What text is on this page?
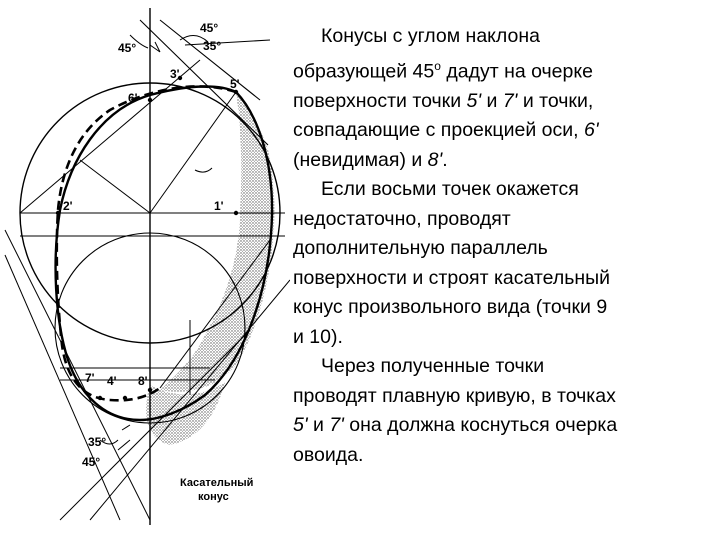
45°
35°
45°
3'
5'
6'
2'	1'
7' 4' 8'
35°
45°
Касательный
конус
Конусы с углом наклона
образующей $45^о$ дадут на очерке
поверхности точки 5' и 7' и точки,
совпадающие с проекцией оси, 6'
(невидимая) и 8'.
Если восьми точек окажется
недостаточно, проводят
дополнительную параллель
поверхности и строят касательный
конус произвольного вида (точки 9
и 10).
Через полученные точки
проводят плавную кривую, в точках
5' и 7' она должна коснуться очерка
овоида.
